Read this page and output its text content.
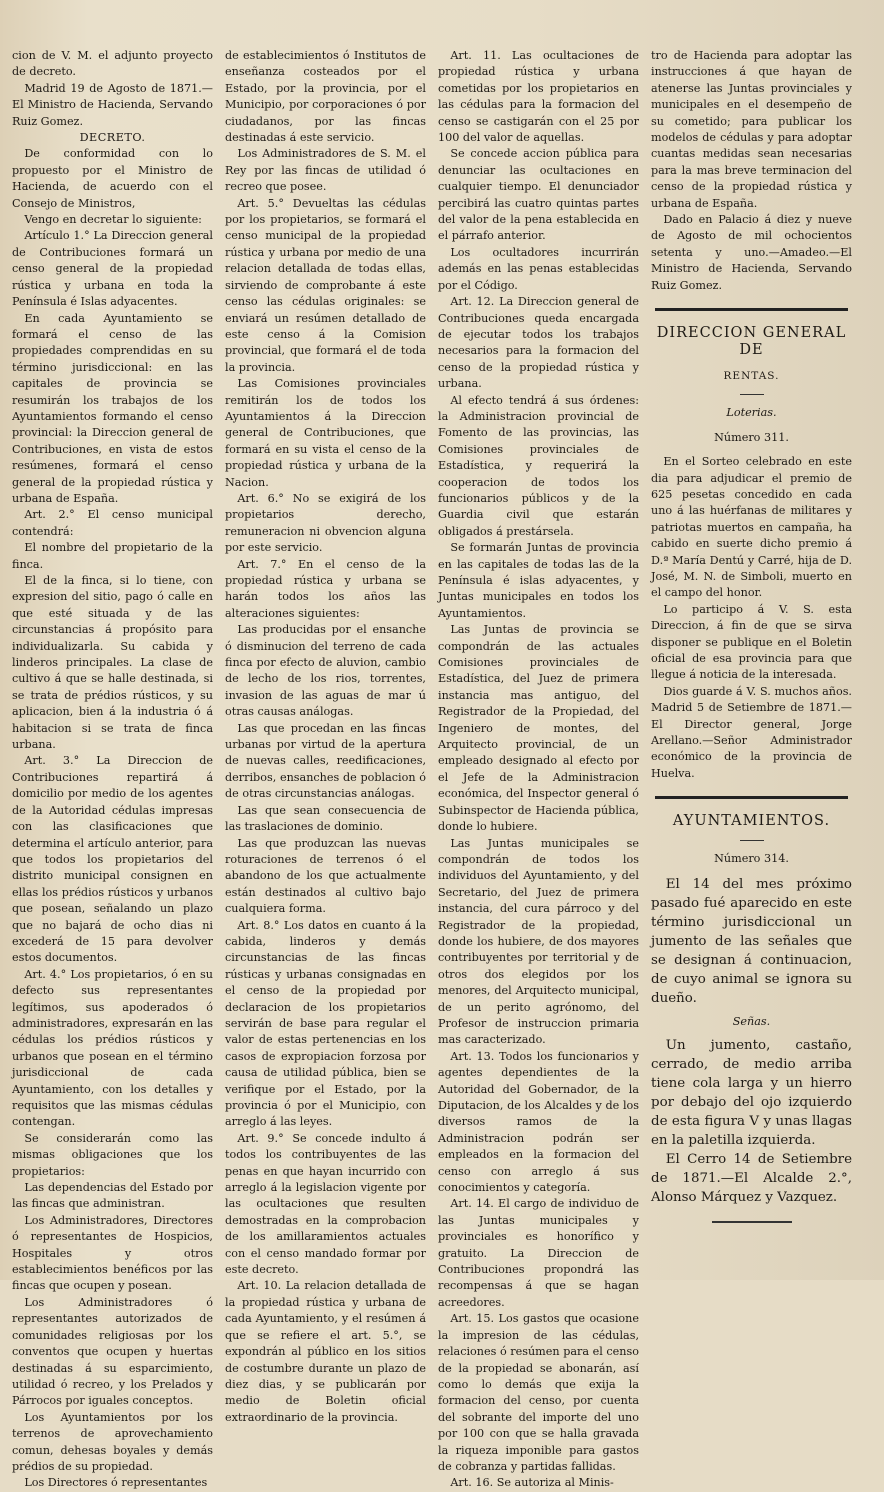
cion de V. M. el adjunto proyecto de decreto.

Madrid 19 de Agosto de 1871.—El Ministro de Hacienda, Servando Ruiz Gomez.

DECRETO.

De conformidad con lo propuesto por el Ministro de Hacienda, de acuerdo con el Consejo de Ministros,

Vengo en decretar lo siguiente:

Artículo 1.° La Direccion general de Contribuciones formará un censo general de la propiedad rústica y urbana en toda la Península é Islas adyacentes.

En cada Ayuntamiento se formará el censo de las propiedades comprendidas en su término jurisdiccional: en las capitales de provincia se resumirán los trabajos de los Ayuntamientos formando el censo provincial: la Direccion general de Contribuciones, en vista de estos resúmenes, formará el censo general de la propiedad rústica y urbana de España.

Art. 2.° El censo municipal contendrá:

El nombre del propietario de la finca.

El de la finca, si lo tiene, con expresion del sitio, pago ó calle en que esté situada y de las circunstancias á propósito para individualizarla. Su cabida y linderos principales. La clase de cultivo á que se halle destinada, si se trata de prédios rústicos, y su aplicacion, bien á la industria ó á habitacion si se trata de finca urbana.

Art. 3.° La Direccion de Contribuciones repartirá á domicilio por medio de los agentes de la Autoridad cédulas impresas con las clasificaciones que determina el artículo anterior, para que todos los propietarios del distrito municipal consignen en ellas los prédios rústicos y urbanos que posean, señalando un plazo que no bajará de ocho dias ni excederá de 15 para devolver estos documentos.

Art. 4.° Los propietarios, ó en su defecto sus representantes legítimos, sus apoderados ó administradores, expresarán en las cédulas los prédios rústicos y urbanos que posean en el término jurisdiccional de cada Ayuntamiento, con los detalles y requisitos que las mismas cédulas contengan.

Se considerarán como las mismas obligaciones que los propietarios:

Las dependencias del Estado por las fincas que administran.

Los Administradores, Directores ó representantes de Hospicios, Hospitales y otros establecimientos benéficos por las fincas que ocupen y posean.

Los Administradores ó representantes autorizados de comunidades religiosas por los conventos que ocupen y huertas destinadas á su esparcimiento, utilidad ó recreo, y los Prelados y Párrocos por iguales conceptos.

Los Ayuntamientos por los terrenos de aprovechamiento comun, dehesas boyales y demás prédios de su propiedad.

Los Directores ó representantes

de establecimientos ó Institutos de enseñanza costeados por el Estado, por la provincia, por el Municipio, por corporaciones ó por ciudadanos, por las fincas destinadas á este servicio.

Los Administradores de S. M. el Rey por las fincas de utilidad ó recreo que posee.

Art. 5.° Devueltas las cédulas por los propietarios, se formará el censo municipal de la propiedad rústica y urbana por medio de una relacion detallada de todas ellas, sirviendo de comprobante á este censo las cédulas originales: se enviará un resúmen detallado de este censo á la Comision provincial, que formará el de toda la provincia.

Las Comisiones provinciales remitirán los de todos los Ayuntamientos á la Direccion general de Contribuciones, que formará en su vista el censo de la propiedad rústica y urbana de la Nacion.

Art. 6.° No se exigirá de los propietarios derecho, remuneracion ni obvencion alguna por este servicio.

Art. 7.° En el censo de la propiedad rústica y urbana se harán todos los años las alteraciones siguientes:

Las producidas por el ensanche ó disminucion del terreno de cada finca por efecto de aluvion, cambio de lecho de los rios, torrentes, invasion de las aguas de mar ú otras causas análogas.

Las que procedan en las fincas urbanas por virtud de la apertura de nuevas calles, reedificaciones, derribos, ensanches de poblacion ó de otras circunstancias análogas.

Las que sean consecuencia de las traslaciones de dominio.

Las que produzcan las nuevas roturaciones de terrenos ó el abandono de los que actualmente están destinados al cultivo bajo cualquiera forma.

Art. 8.° Los datos en cuanto á la cabida, linderos y demás circunstancias de las fincas rústicas y urbanas consignadas en el censo de la propiedad por declaracion de los propietarios servirán de base para regular el valor de estas pertenencias en los casos de expropiacion forzosa por causa de utilidad pública, bien se verifique por el Estado, por la provincia ó por el Municipio, con arreglo á las leyes.

Art. 9.° Se concede indulto á todos los contribuyentes de las penas en que hayan incurrido con arreglo á la legislacion vigente por las ocultaciones que resulten demostradas en la comprobacion de los amillaramientos actuales con el censo mandado formar por este decreto.

Art. 10. La relacion detallada de la propiedad rústica y urbana de cada Ayuntamiento, y el resúmen á que se refiere el art. 5.°, se expondrán al público en los sitios de costumbre durante un plazo de diez dias, y se publicarán por medio de Boletin oficial extraordinario de la provincia.

Art. 11. Las ocultaciones de propiedad rústica y urbana cometidas por los propietarios en las cédulas para la formacion del censo se castigarán con el 25 por 100 del valor de aquellas.

Se concede accion pública para denunciar las ocultaciones en cualquier tiempo. El denunciador percibirá las cuatro quintas partes del valor de la pena establecida en el párrafo anterior.

Los ocultadores incurrirán además en las penas establecidas por el Código.

Art. 12. La Direccion general de Contribuciones queda encargada de ejecutar todos los trabajos necesarios para la formacion del censo de la propiedad rústica y urbana.

Al efecto tendrá á sus órdenes: la Administracion provincial de Fomento de las provincias, las Comisiones provinciales de Estadística, y requerirá la cooperacion de todos los funcionarios públicos y de la Guardia civil que estarán obligados á prestársela.

Se formarán Juntas de provincia en las capitales de todas las de la Península é islas adyacentes, y Juntas municipales en todos los Ayuntamientos.

Las Juntas de provincia se compondrán de las actuales Comisiones provinciales de Estadística, del Juez de primera instancia mas antiguo, del Registrador de la Propiedad, del Ingeniero de montes, del Arquitecto provincial, de un empleado designado al efecto por el Jefe de la Administracion económica, del Inspector general ó Subinspector de Hacienda pública, donde lo hubiere.

Las Juntas municipales se compondrán de todos los individuos del Ayuntamiento, y del Secretario, del Juez de primera instancia, del cura párroco y del Registrador de la propiedad, donde los hubiere, de dos mayores contribuyentes por territorial y de otros dos elegidos por los menores, del Arquitecto municipal, de un perito agrónomo, del Profesor de instruccion primaria mas caracterizado.

Art. 13. Todos los funcionarios y agentes dependientes de la Autoridad del Gobernador, de la Diputacion, de los Alcaldes y de los diversos ramos de la Administracion podrán ser empleados en la formacion del censo con arreglo á sus conocimientos y categoría.

Art. 14. El cargo de individuo de las Juntas municipales y provinciales es honorífico y gratuito. La Direccion de Contribuciones propondrá las recompensas á que se hagan acreedores.

Art. 15. Los gastos que ocasione la impresion de las cédulas, relaciones ó resúmen para el censo de la propiedad se abonarán, así como lo demás que exija la formacion del censo, por cuenta del sobrante del importe del uno por 100 con que se halla gravada la riqueza imponible para gastos de cobranza y partidas fallidas.

Art. 16. Se autoriza al Minis-

tro de Hacienda para adoptar las instrucciones á que hayan de atenerse las Juntas provinciales y municipales en el desempeño de su cometido; para publicar los modelos de cédulas y para adoptar cuantas medidas sean necesarias para la mas breve terminacion del censo de la propiedad rústica y urbana de España.

Dado en Palacio á diez y nueve de Agosto de mil ochocientos setenta y uno.—Amadeo.—El Ministro de Hacienda, Servando Ruiz Gomez.

DIRECCION GENERAL DE
RENTAS.
Loterias.
Número 311.

En el Sorteo celebrado en este dia para adjudicar el premio de 625 pesetas concedido en cada uno á las huérfanas de militares y patriotas muertos en campaña, ha cabido en suerte dicho premio á D.ª María Dentú y Carré, hija de D. José, M. N. de Simboli, muerto en el campo del honor.

Lo participo á V. S. esta Direccion, á fin de que se sirva disponer se publique en el Boletin oficial de esa provincia para que llegue á noticia de la interesada.

Dios guarde á V. S. muchos años. Madrid 5 de Setiembre de 1871.—El Director general, Jorge Arellano.—Señor Administrador económico de la provincia de Huelva.

AYUNTAMIENTOS.
Número 314.

El 14 del mes próximo pasado fué aparecido en este término jurisdiccional un jumento de las señales que se designan á continuacion, de cuyo animal se ignora su dueño.

Señas.

Un jumento, castaño, cerrado, de medio arriba tiene cola larga y un hierro por debajo del ojo izquierdo de esta figura V y unas llagas en la paletilla izquierda.

El Cerro 14 de Setiembre de 1871.—El Alcalde 2.°, Alonso Márquez y Vazquez.
